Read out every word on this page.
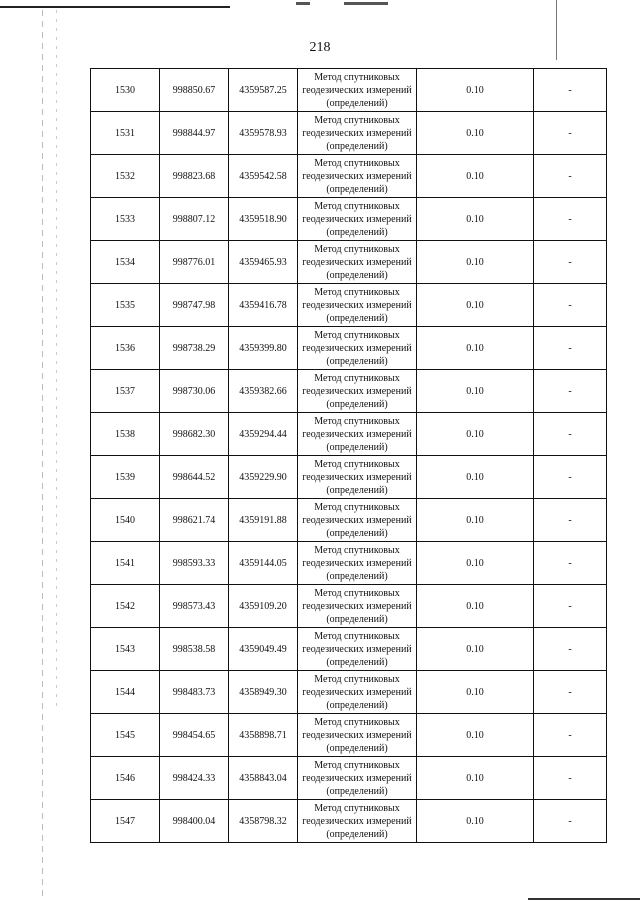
218
1530	998850.67	4359587.25	Метод спутниковых
геодезических измерений
(определений)	0.10	-
1531	998844.97	4359578.93	Метод спутниковых
геодезических измерений
(определений)	0.10	-
1532	998823.68	4359542.58	Метод спутниковых
геодезических измерений
(определений)	0.10	-
1533	998807.12	4359518.90	Метод спутниковых
геодезических измерений
(определений)	0.10	-
1534	998776.01	4359465.93	Метод спутниковых
геодезических измерений
(определений)	0.10	-
1535	998747.98	4359416.78	Метод спутниковых
геодезических измерений
(определений)	0.10	-
1536	998738.29	4359399.80	Метод спутниковых
геодезических измерений
(определений)	0.10	-
1537	998730.06	4359382.66	Метод спутниковых
геодезических измерений
(определений)	0.10	-
1538	998682.30	4359294.44	Метод спутниковых
геодезических измерений
(определений)	0.10	-
1539	998644.52	4359229.90	Метод спутниковых
геодезических измерений
(определений)	0.10	-
1540	998621.74	4359191.88	Метод спутниковых
геодезических измерений
(определений)	0.10	-
1541	998593.33	4359144.05	Метод спутниковых
геодезических измерений
(определений)	0.10	-
1542	998573.43	4359109.20	Метод спутниковых
геодезических измерений
(определений)	0.10	-
1543	998538.58	4359049.49	Метод спутниковых
геодезических измерений
(определений)	0.10	-
1544	998483.73	4358949.30	Метод спутниковых
геодезических измерений
(определений)	0.10	-
1545	998454.65	4358898.71	Метод спутниковых
геодезических измерений
(определений)	0.10	-
1546	998424.33	4358843.04	Метод спутниковых
геодезических измерений
(определений)	0.10	-
1547	998400.04	4358798.32	Метод спутниковых
геодезических измерений
(определений)	0.10	-
